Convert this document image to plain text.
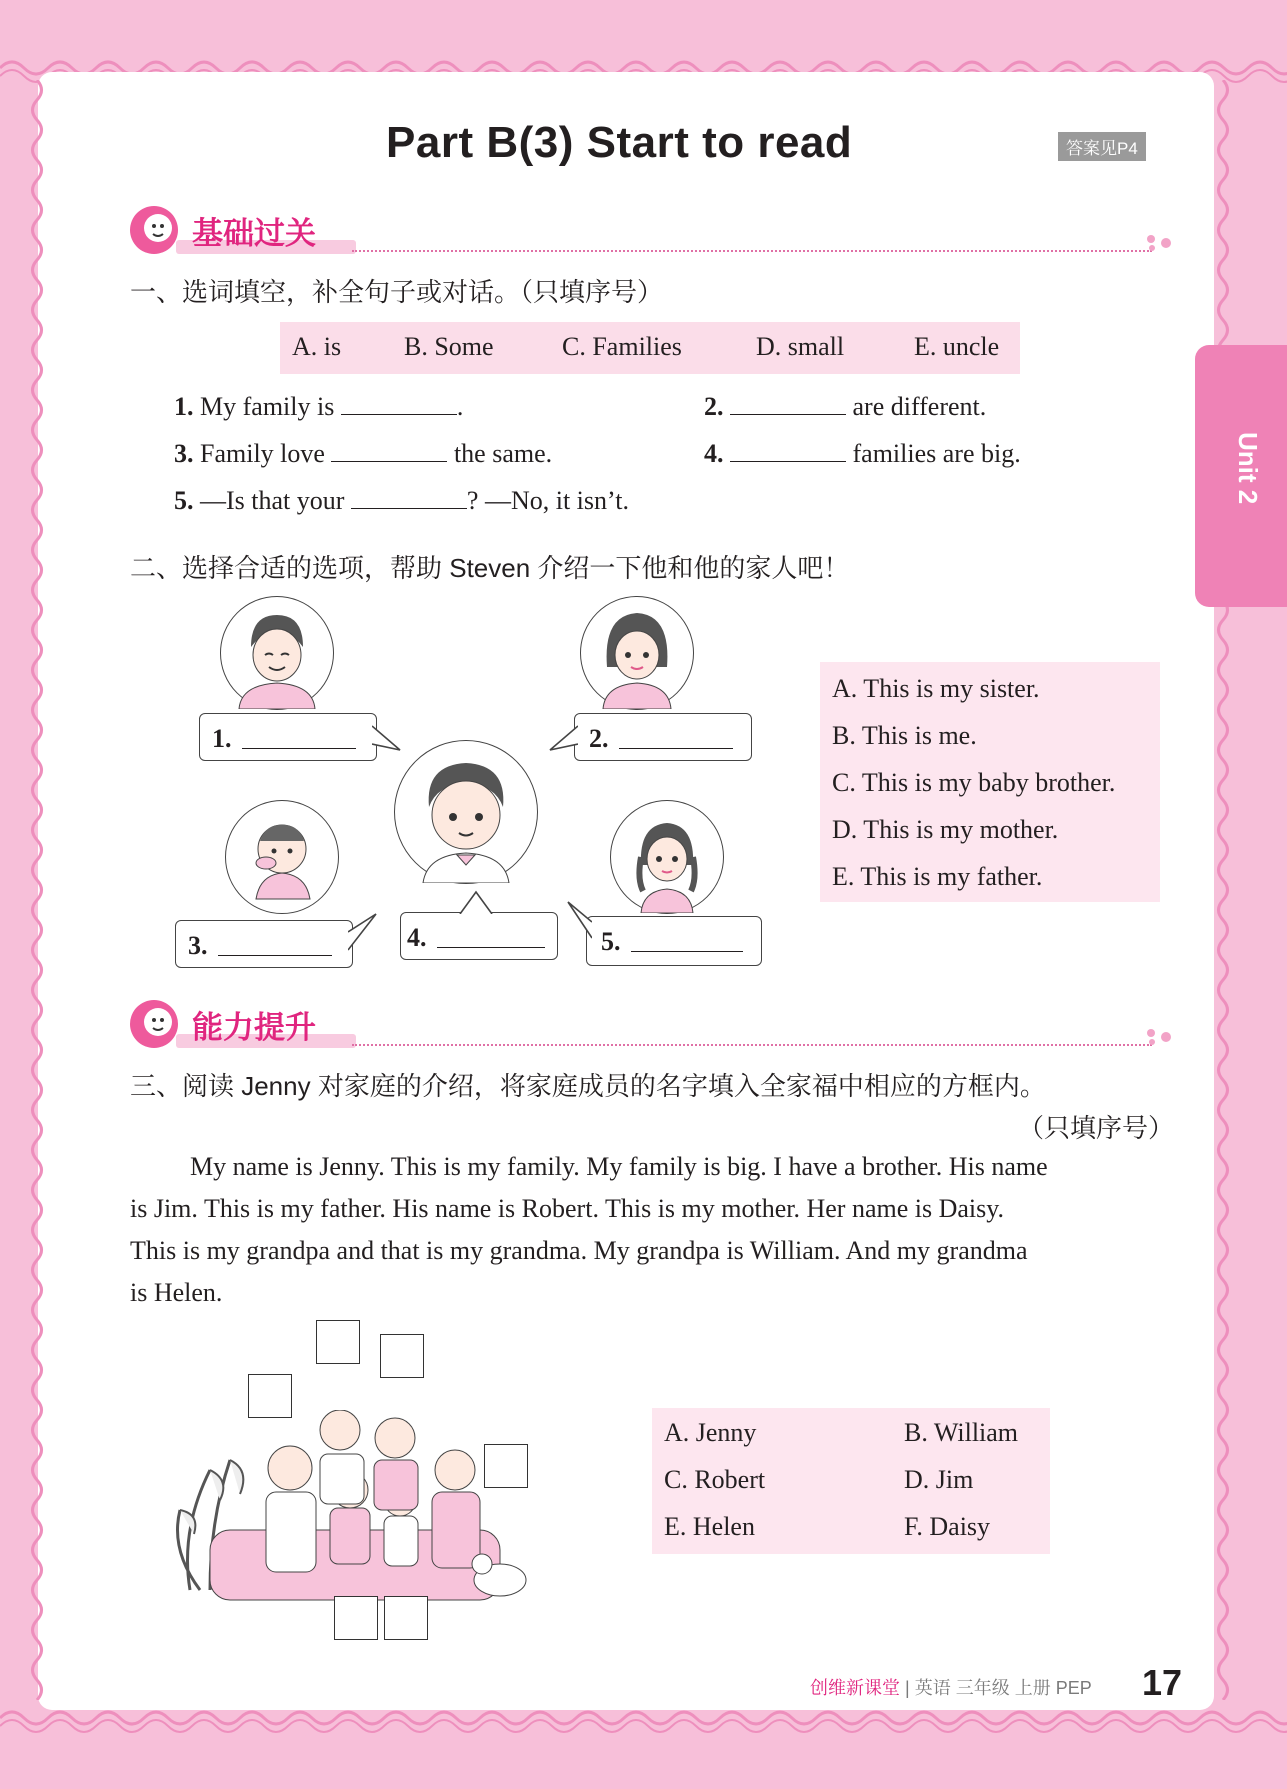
Unit 2
Part B(3) Start to read	答案见P4
基础过关
一、选词填空，补全句子或对话。（只填序号）
A. is B. Some	C. Families	D. small	E. uncle
1. My family is	.	2.	are different.
3. Family love	the same.	4.	families are big.
5. —Is that your	? —No, it isn’t.
二、选择合适的选项，帮助 Steven 介绍一下他和他的家人吧！
1.	2.
3.	4.	5.
A. This is my sister.
B. This is me.
C. This is my baby brother.
D. This is my mother.
E. This is my father.
能力提升
三、阅读 Jenny 对家庭的介绍，将家庭成员的名字填入全家福中相应的方框内。
（只填序号）
My name is Jenny. This is my family. My family is big. I have a brother. His name
is Jim. This is my father. His name is Robert. This is my mother. Her name is Daisy.
This is my grandpa and that is my grandma. My grandpa is William. And my grandma
is Helen.
A. Jenny	B. William
C. Robert	D. Jim
E. Helen	F. Daisy
创维新课堂 | 英语 三年级 上册 PEP 17
